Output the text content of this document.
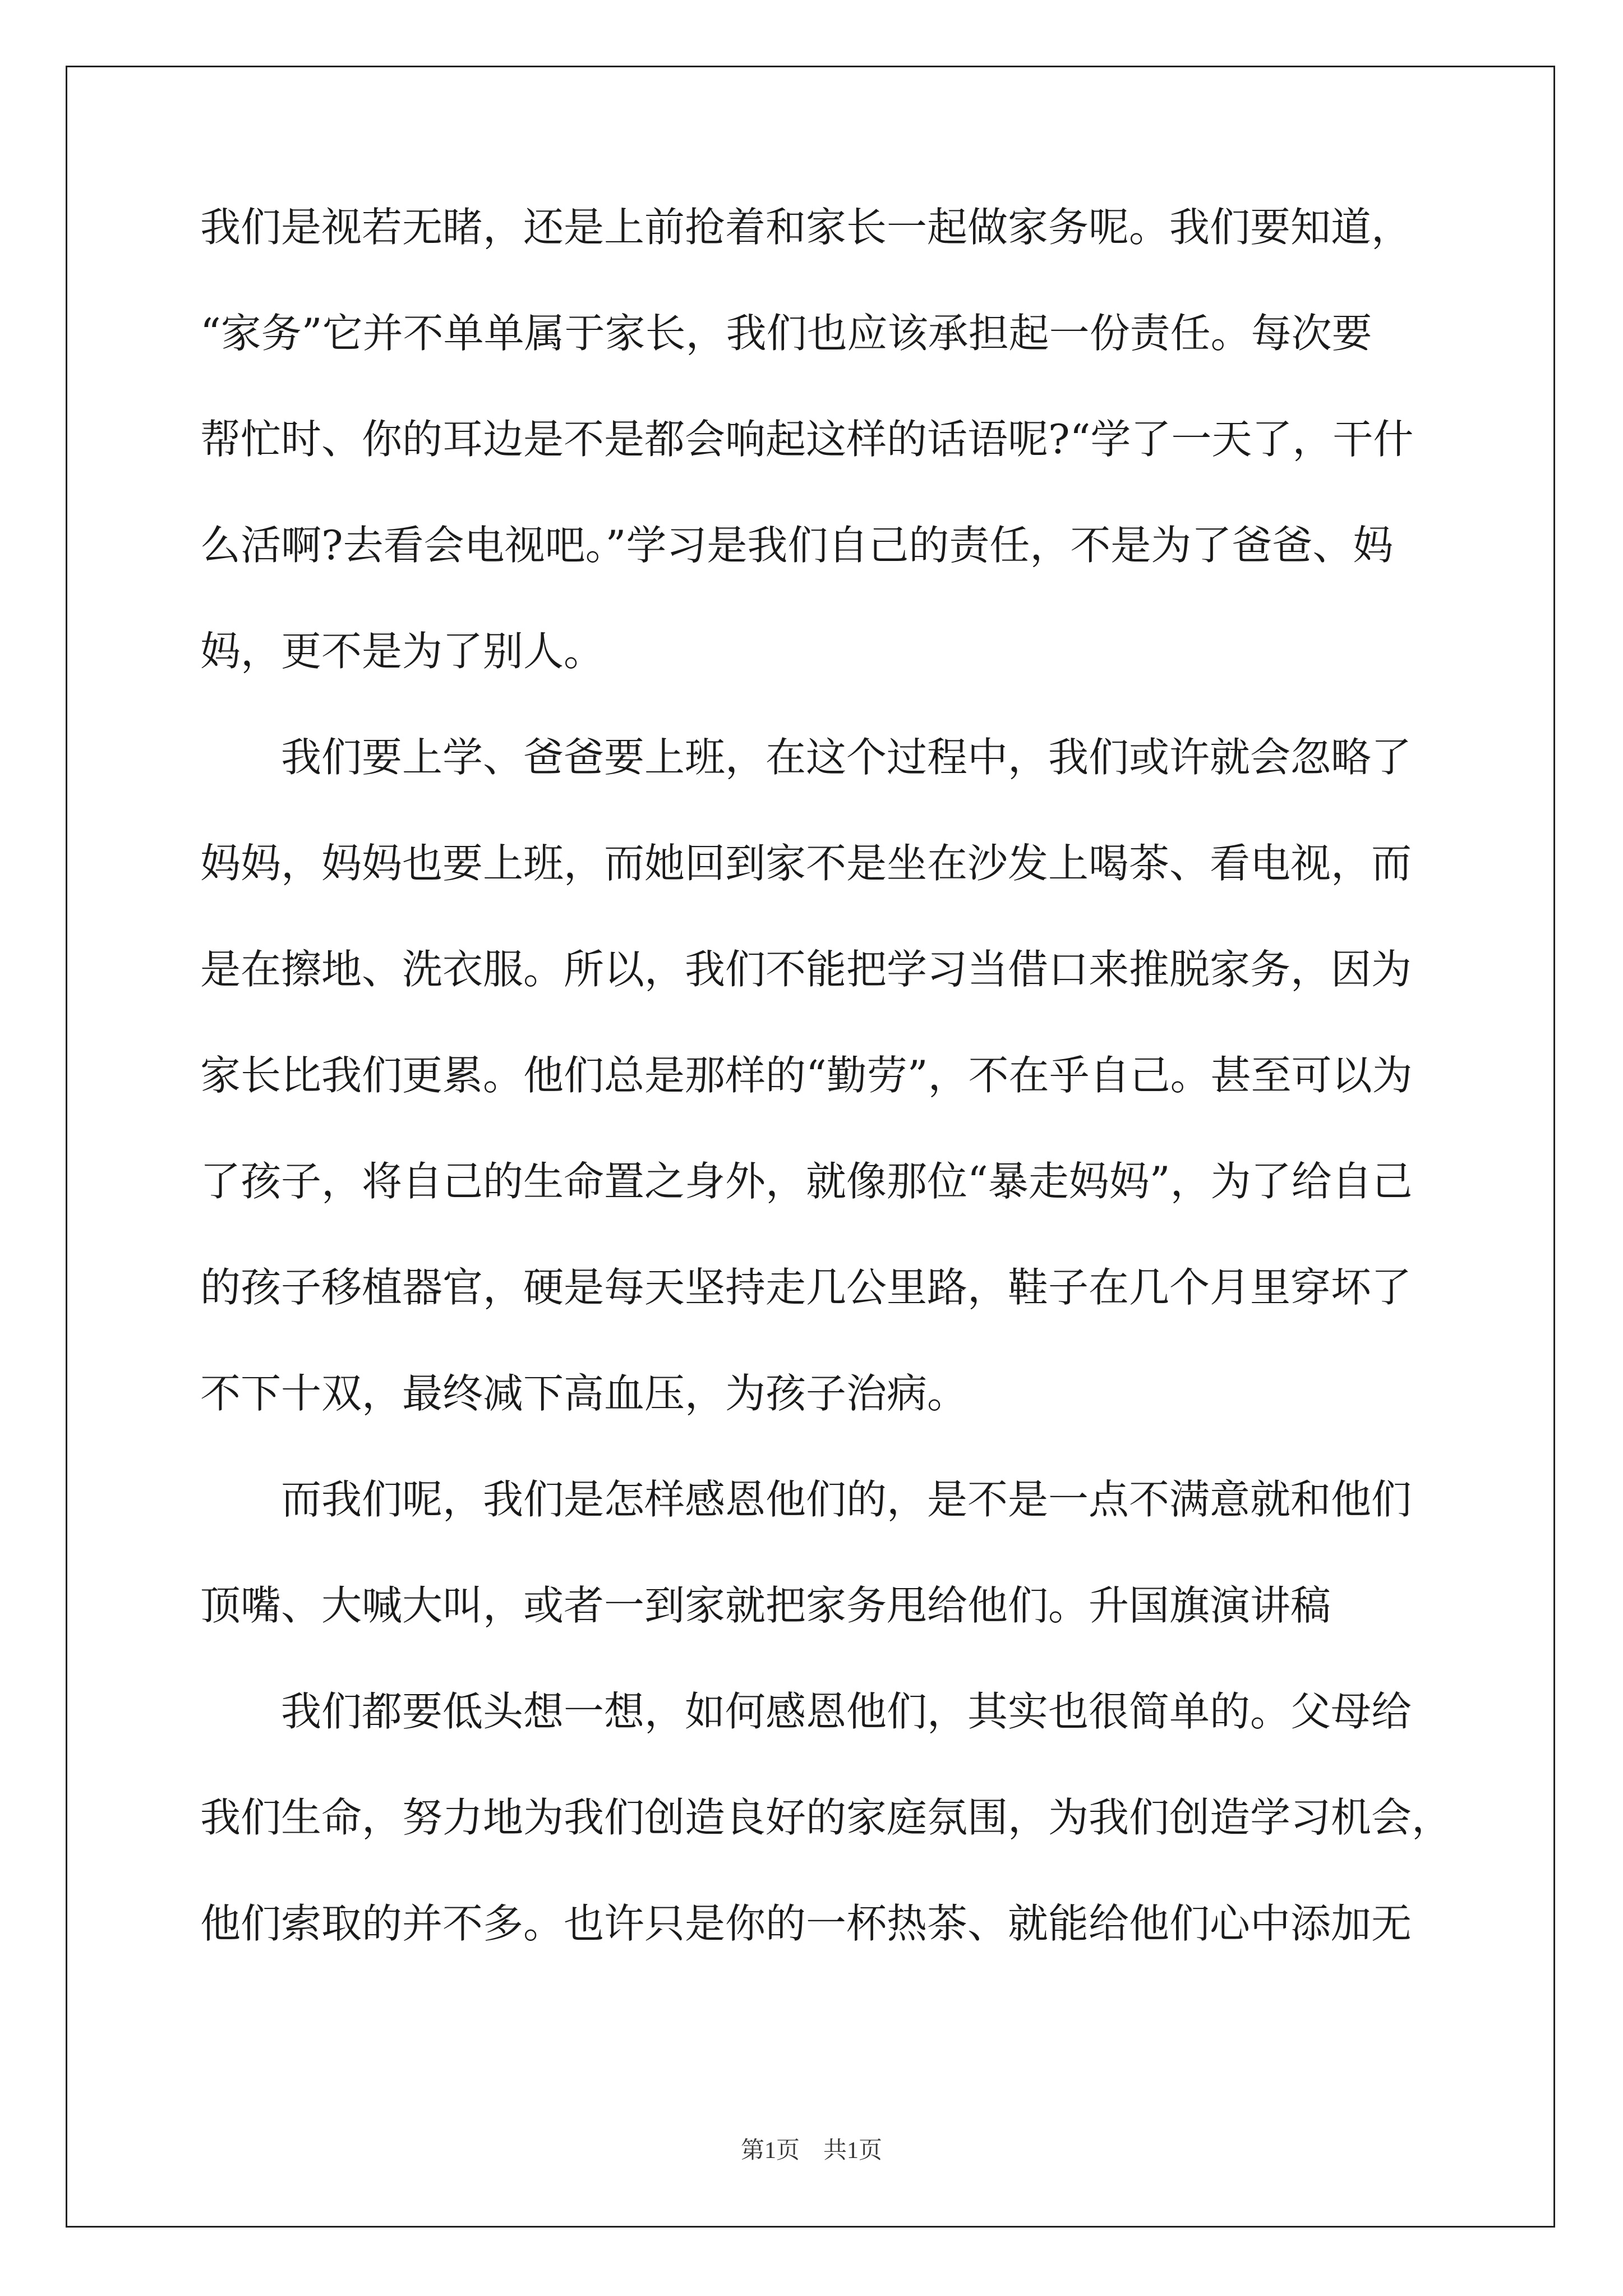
我们是视若无睹，还是上前抢着和家长一起做家务呢。我们要知道，
“家务”它并不单单属于家长，我们也应该承担起一份责任。每次要
帮忙时、你的耳边是不是都会响起这样的话语呢?“学了一天了，干什
么活啊?去看会电视吧。”学习是我们自己的责任，不是为了爸爸、妈
妈，更不是为了别人。
我们要上学、爸爸要上班，在这个过程中，我们或许就会忽略了
妈妈，妈妈也要上班，而她回到家不是坐在沙发上喝茶、看电视，而
是在擦地、洗衣服。所以，我们不能把学习当借口来推脱家务，因为
家长比我们更累。他们总是那样的“勤劳”，不在乎自己。甚至可以为
了孩子，将自己的生命置之身外，就像那位“暴走妈妈”，为了给自己
的孩子移植器官，硬是每天坚持走几公里路，鞋子在几个月里穿坏了
不下十双，最终减下高血压，为孩子治病。
而我们呢，我们是怎样感恩他们的，是不是一点不满意就和他们
顶嘴、大喊大叫，或者一到家就把家务甩给他们。升国旗演讲稿
我们都要低头想一想，如何感恩他们，其实也很简单的。父母给
我们生命，努力地为我们创造良好的家庭氛围，为我们创造学习机会，
他们索取的并不多。也许只是你的一杯热茶、就能给他们心中添加无
第1页　共1页
